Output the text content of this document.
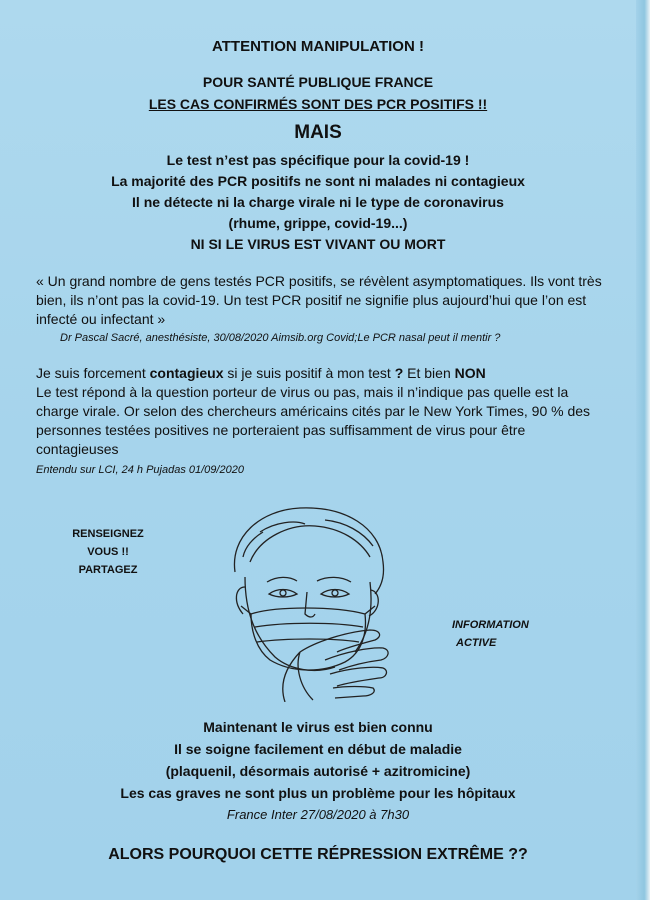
ATTENTION MANIPULATION !
POUR SANTÉ PUBLIQUE FRANCE
LES CAS CONFIRMÉS SONT DES PCR POSITIFS !!
MAIS
Le test n’est pas spécifique pour la covid-19 !
La majorité des PCR positifs ne sont ni malades ni contagieux
Il ne détecte ni la charge virale ni le type de coronavirus
(rhume, grippe, covid-19...)
NI SI LE VIRUS EST VIVANT OU MORT
« Un grand nombre de gens testés PCR positifs, se révèlent asymptomatiques. Ils vont très bien, ils n’ont pas la covid-19. Un test PCR positif ne signifie plus aujourd’hui que l’on est infecté ou infectant »
Dr Pascal Sacré, anesthésiste, 30/08/2020 Aimsib.org Covid;Le PCR nasal peut il mentir ?
Je suis forcement contagieux si je suis positif à mon test ? Et bien NON
Le test répond à la question porteur de virus ou pas, mais il n’indique pas quelle est la charge virale. Or selon des chercheurs américains cités par le New York Times, 90 % des personnes testées positives ne porteraient pas suffisamment de virus pour être contagieuses
Entendu sur LCI, 24 h Pujadas 01/09/2020
RENSEIGNEZ
VOUS !!
PARTAGEZ
INFORMATION
ACTIVE
Maintenant le virus est bien connu
Il se soigne facilement en début de maladie
(plaquenil, désormais autorisé + azitromicine)
Les cas graves ne sont plus un problème pour les hôpitaux
France Inter 27/08/2020 à 7h30
ALORS POURQUOI CETTE RÉPRESSION EXTRÊME ??
